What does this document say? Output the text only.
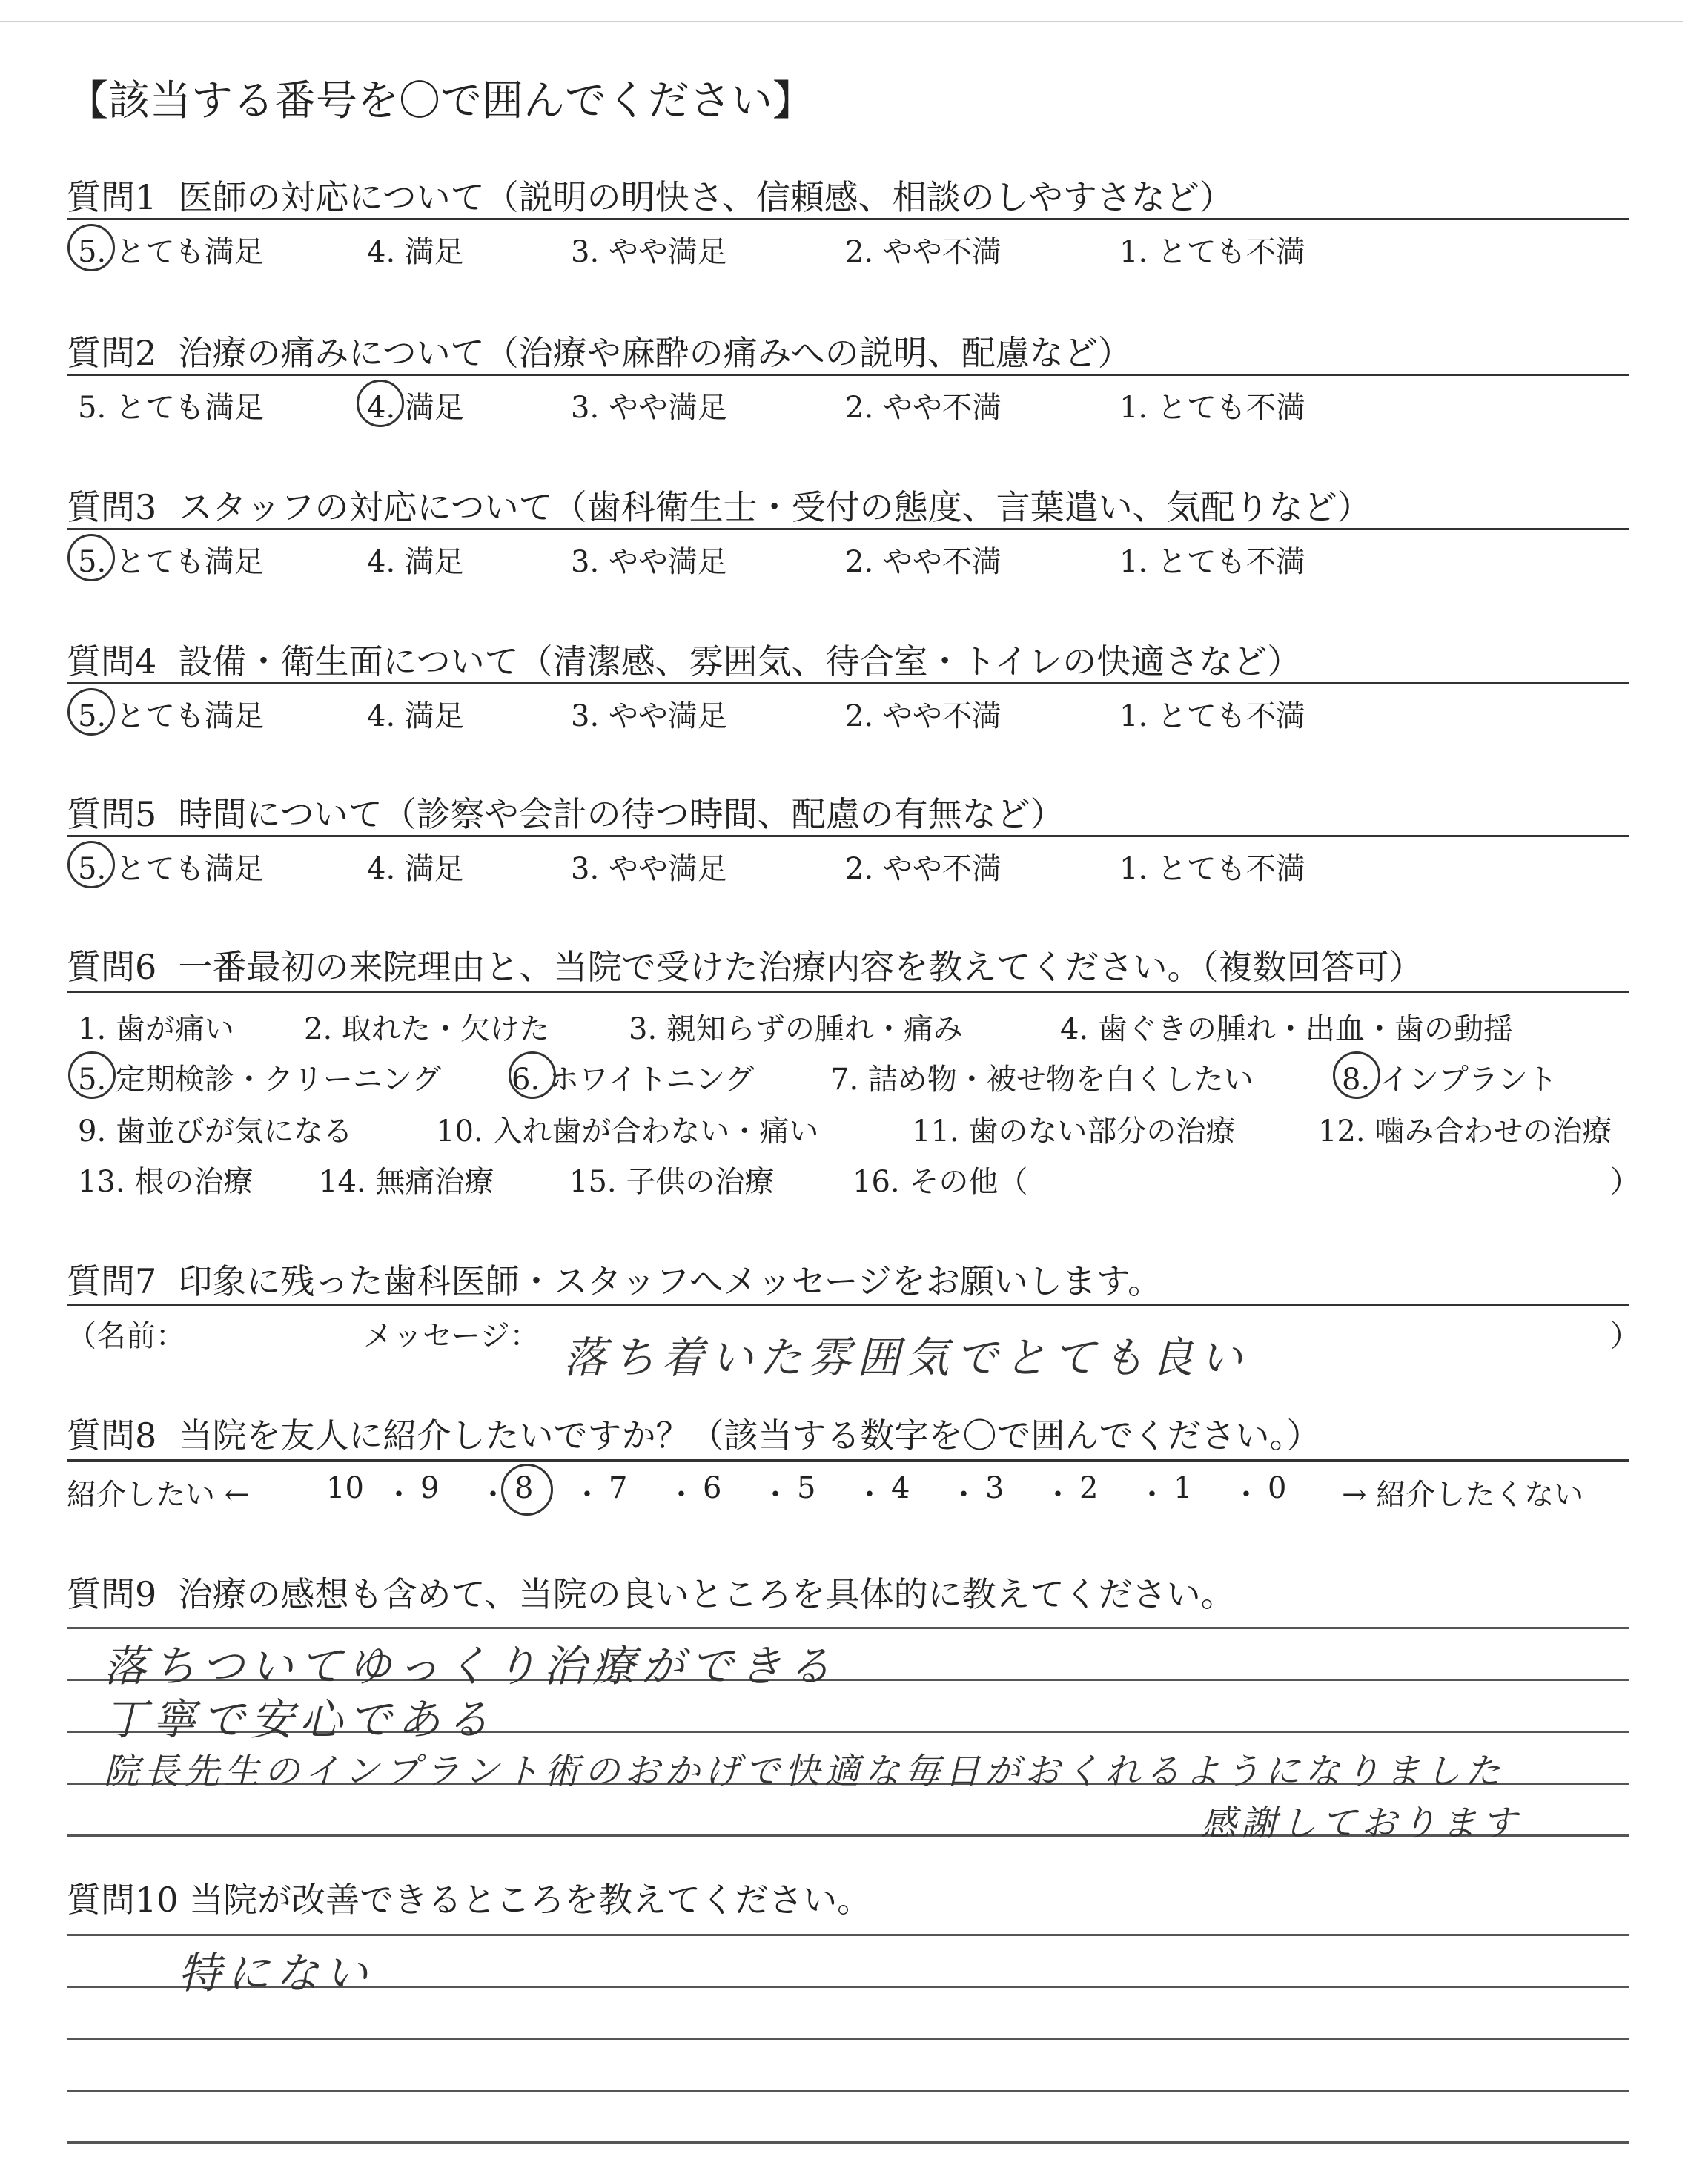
【該当する番号を〇で囲んでください】
質問1 医師の対応について（説明の明快さ、信頼感、相談のしやすさなど）
5. とても満足	4. 満足	3. やや満足	2. やや不満	1. とても不満
質問2 治療の痛みについて（治療や麻酔の痛みへの説明、配慮など）
5. とても満足	4. 満足	3. やや満足	2. やや不満	1. とても不満
質問3 スタッフの対応について（歯科衛生士・受付の態度、言葉遣い、気配りなど）
5. とても満足	4. 満足	3. やや満足	2. やや不満	1. とても不満
質問4 設備・衛生面について（清潔感、雰囲気、待合室・トイレの快適さなど）
5. とても満足	4. 満足	3. やや満足	2. やや不満	1. とても不満
質問5 時間について（診察や会計の待つ時間、配慮の有無など）
5. とても満足	4. 満足	3. やや満足	2. やや不満	1. とても不満
質問6 一番最初の来院理由と、当院で受けた治療内容を教えてください。（複数回答可）
1. 歯が痛い 2. 取れた・欠けた	3. 親知らずの腫れ・痛み	4. 歯ぐきの腫れ・出血・歯の動揺
5. 定期検診・クリーニング 6. ホワイトニング	7. 詰め物・被せ物を白くしたい	8. インプラント
9. 歯並びが気になる	10. 入れ歯が合わない・痛い	11. 歯のない部分の治療	12. 噛み合わせの治療
13. 根の治療 14. 無痛治療	15. 子供の治療	16. その他（	）
質問7 印象に残った歯科医師・スタッフへメッセージをお願いします。
（名前：	メッセージ： 落ち着いた雰囲気でとても良い	）
質問8 当院を友人に紹介したいですか？（該当する数字を〇で囲んでください。）
紹介したい ←	10 ・ 9 ・ 8 ・ 7 ・ 6 ・ 5 ・ 4 ・ 3 ・ 2 ・ 1 ・ 0 → 紹介したくない
質問9 治療の感想も含めて、当院の良いところを具体的に教えてください。
落ちついてゆっくり治療ができる
丁寧で安心である
院長先生のインプラント術のおかげで快適な毎日がおくれるようになりました
感謝しております
質問10 当院が改善できるところを教えてください。
特にない
